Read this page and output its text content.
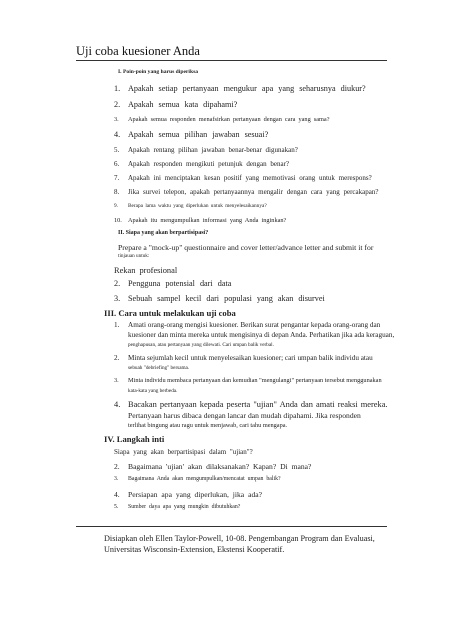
Uji coba kuesioner Anda
I. Poin-poin yang harus diperiksa
1. Apakah setiap pertanyaan mengukur apa yang seharusnya diukur?
2. Apakah semua kata dipahami?
3. Apakah semua responden menafsirkan pertanyaan dengan cara yang sama?
4. Apakah semua pilihan jawaban sesuai?
5. Apakah rentang pilihan jawaban benar-benar digunakan?
6. Apakah responden mengikuti petunjuk dengan benar?
7. Apakah ini menciptakan kesan positif yang memotivasi orang untuk merespons?
8. Jika survei telepon, apakah pertanyaannya mengalir dengan cara yang percakapan?
9. Berapa lama waktu yang diperlukan untuk menyelesaikannya?
10. Apakah itu mengumpulkan informasi yang Anda inginkan?
II. Siapa yang akan berpartisipasi?
Prepare a "mock-up" questionnaire and cover letter/advance letter and submit it for
tinjauan untuk:
Rekan profesional
2. Pengguna potensial dari data
3. Sebuah sampel kecil dari populasi yang akan disurvei
III. Cara untuk melakukan uji coba
1. Amati orang-orang mengisi kuesioner. Berikan surat pengantar kepada orang-orang dan
kuesioner dan minta mereka untuk mengisinya di depan Anda. Perhatikan jika ada keraguan,
penghapusan, atau pertanyaan yang dilewati. Cari umpan balik verbal.
2. Minta sejumlah kecil untuk menyelesaikan kuesioner; cari umpan balik individu atau
sebuah "debriefing" bersama.
3. Minta individu membaca pertanyaan dan kemudian "mengulangi" pertanyaan tersebut menggunakan
kata-kata yang berbeda.
4. Bacakan pertanyaan kepada peserta "ujian" Anda dan amati reaksi mereka.
Pertanyaan harus dibaca dengan lancar dan mudah dipahami. Jika responden
terlihat bingung atau ragu untuk menjawab, cari tahu mengapa.
IV. Langkah inti
Siapa yang akan berpartisipasi dalam "ujian"?
2. Bagaimana 'ujian' akan dilaksanakan? Kapan? Di mana?
3. Bagaimana Anda akan mengumpulkan/mencatat umpan balik?
4. Persiapan apa yang diperlukan, jika ada?
5. Sumber daya apa yang mungkin dibutuhkan?
Disiapkan oleh Ellen Taylor-Powell, 10-08. Pengembangan Program dan Evaluasi,
Universitas Wisconsin-Extension, Ekstensi Kooperatif.
